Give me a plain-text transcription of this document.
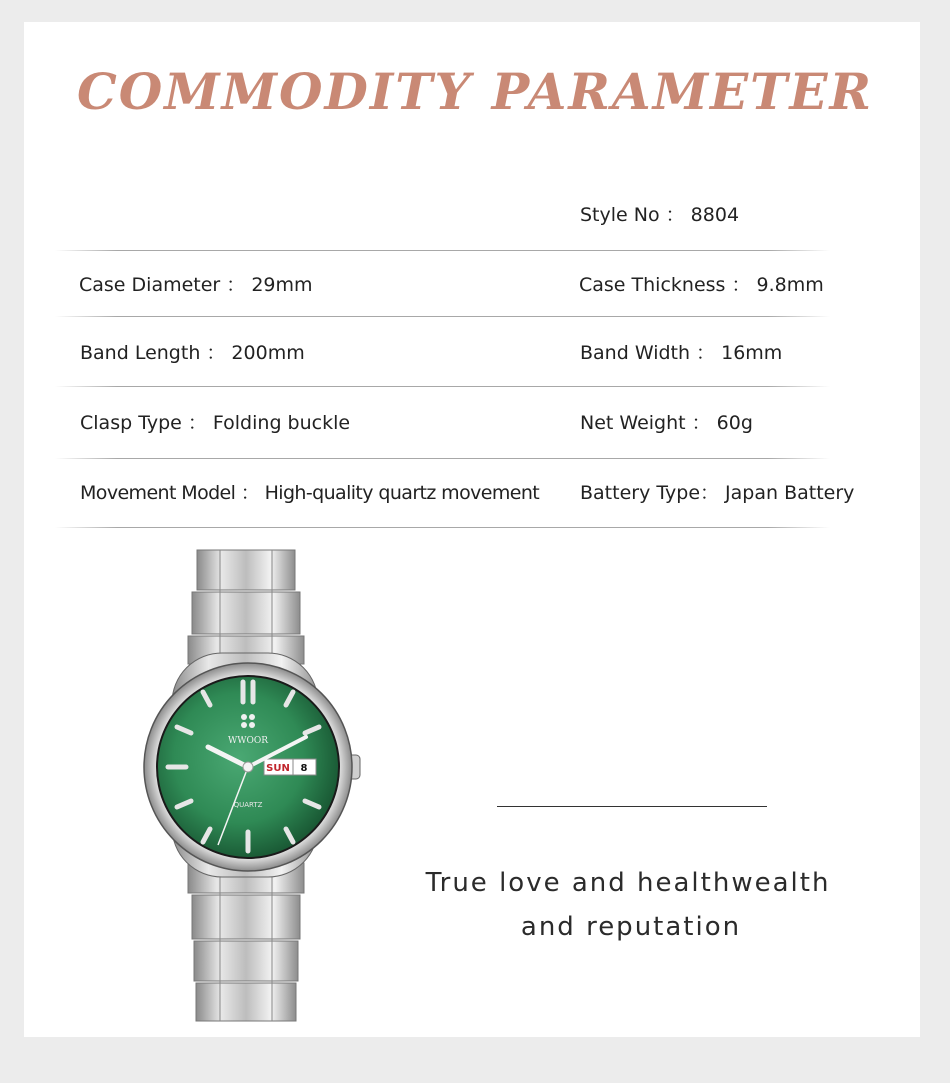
COMMODITY PARAMETER
Style No ： 8804
Case Diameter ： 29mm	Case Thickness ： 9.8mm
Band Length ： 200mm	Band Width ： 16mm
Clasp Type ： Folding buckle	Net Weight ： 60g
Movement Model ： High-quality quartz movement Battery Type： Japan Battery
WWOOR
QUARTZ
SUN 8
True love and healthwealth
and reputation
